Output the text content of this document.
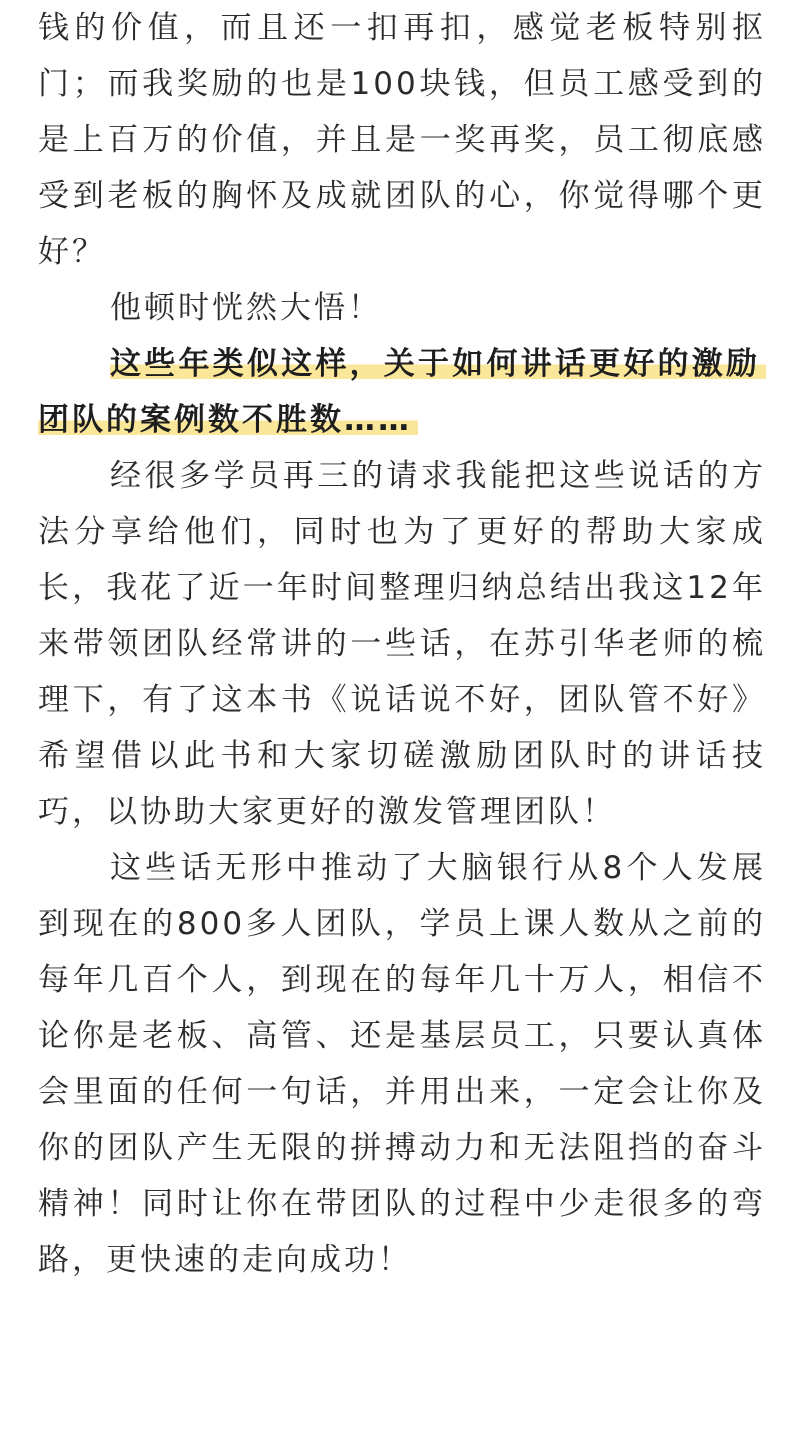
钱的价值，而且还一扣再扣，感觉老板特别抠门；而我奖励的也是100块钱，但员工感受到的是上百万的价值，并且是一奖再奖，员工彻底感受到老板的胸怀及成就团队的心，你觉得哪个更好？

他顿时恍然大悟！

这些年类似这样，关于如何讲话更好的激励团队的案例数不胜数……

经很多学员再三的请求我能把这些说话的方法分享给他们，同时也为了更好的帮助大家成长，我花了近一年时间整理归纳总结出我这12年来带领团队经常讲的一些话，在苏引华老师的梳理下，有了这本书《说话说不好，团队管不好》希望借以此书和大家切磋激励团队时的讲话技巧，以协助大家更好的激发管理团队！

这些话无形中推动了大脑银行从8个人发展到现在的800多人团队，学员上课人数从之前的每年几百个人，到现在的每年几十万人，相信不论你是老板、高管、还是基层员工，只要认真体会里面的任何一句话，并用出来，一定会让你及你的团队产生无限的拼搏动力和无法阻挡的奋斗精神！同时让你在带团队的过程中少走很多的弯路，更快速的走向成功！
